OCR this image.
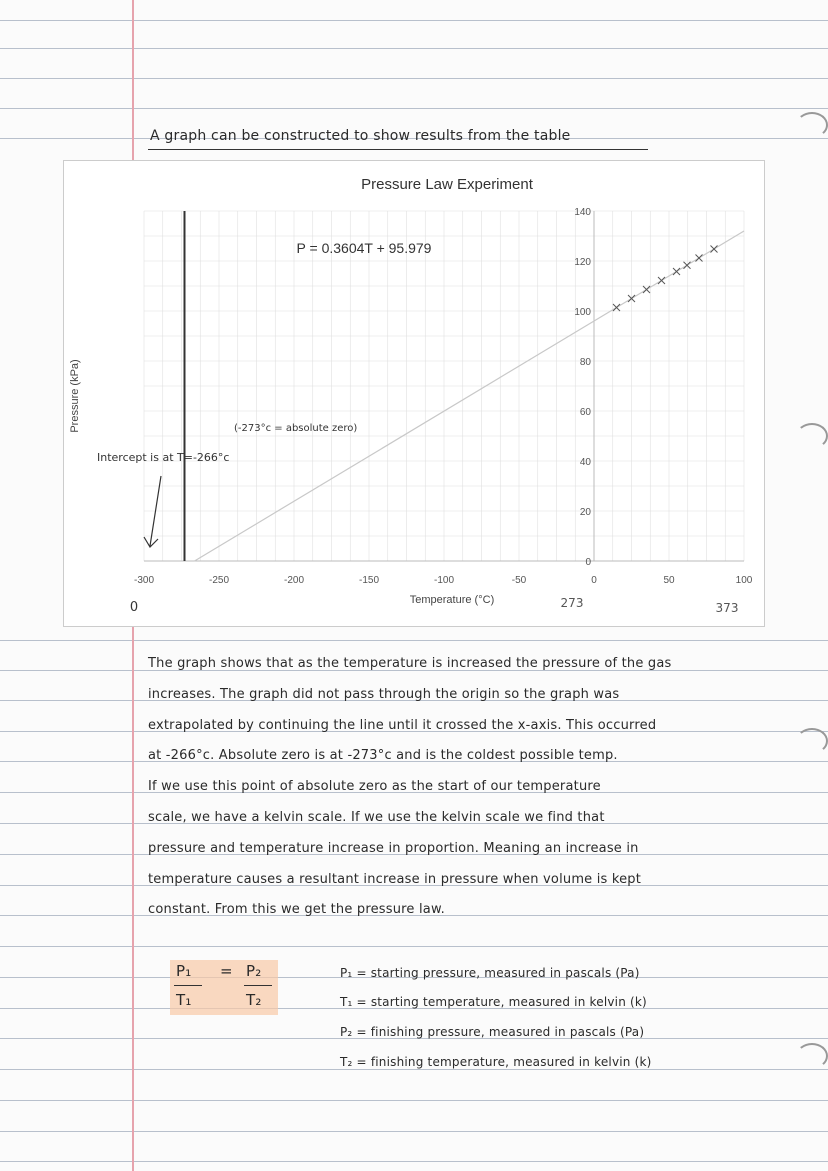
A graph can be constructed to show results from the table
0
20
40
60
80
100
120
140
-300	-250	-200	-150	-100	-50	0	50	100
Pressure Law Experiment
P = 0.3604T + 95.979
Temperature (°C)
Pressure (kPa)	(-273°c = absolute zero)
Intercept is at T=-266°c
0	273	373
The graph shows that as the temperature is increased the pressure of the gas
increases. The graph did not pass through the origin so the graph was
extrapolated by continuing the line until it crossed the x-axis. This occurred
at -266°c. Absolute zero is at -273°c and is the coldest possible temp.
If we use this point of absolute zero as the start of our temperature
scale, we have a kelvin scale. If we use the kelvin scale we find that
pressure and temperature increase in proportion. Meaning an increase in
temperature causes a resultant increase in pressure when volume is kept
constant. From this we get the pressure law.
P₁ = P₂
T₁	T₂
P₁ = starting pressure, measured in pascals (Pa)
T₁ = starting temperature, measured in kelvin (k)
P₂ = finishing pressure, measured in pascals (Pa)
T₂ = finishing temperature, measured in kelvin (k)
